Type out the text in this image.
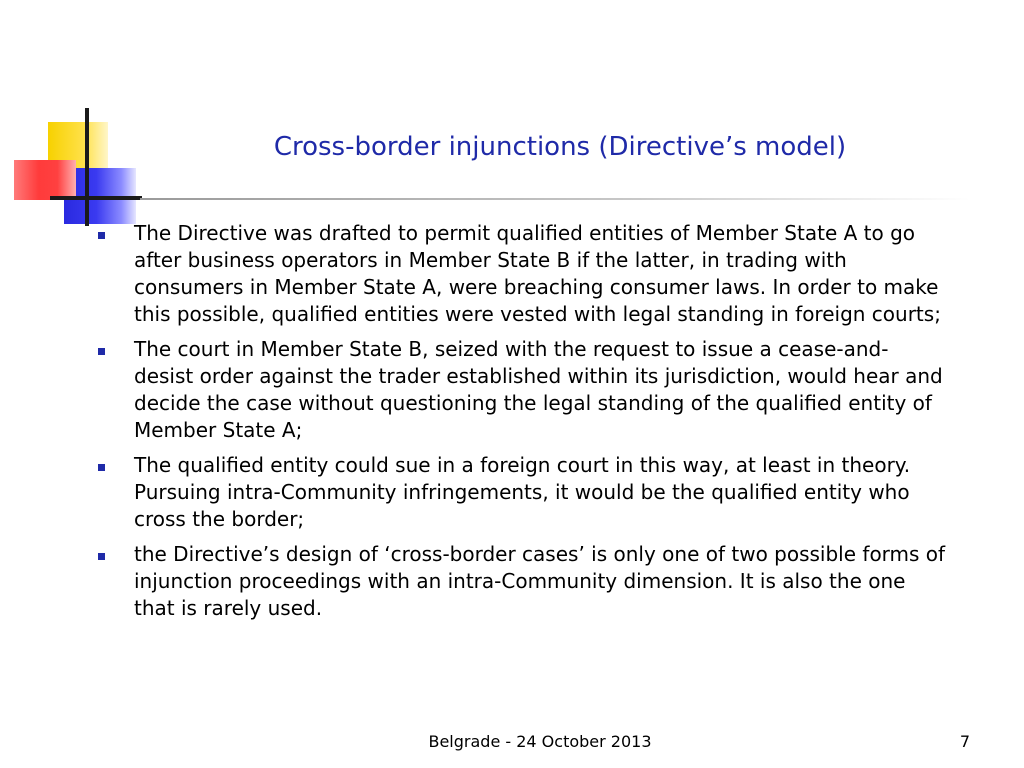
Cross-border injunctions (Directive’s model)
The Directive was drafted to permit qualified entities of Member State A to go after business operators in Member State B if the latter, in trading with consumers in Member State A, were breaching consumer laws. In order to make this possible, qualified entities were vested with legal standing in foreign courts;
The court in Member State B, seized with the request to issue a cease-and-desist order against the trader established within its jurisdiction, would hear and decide the case without questioning the legal standing of the qualified entity of Member State A;
The qualified entity could sue in a foreign court in this way, at least in theory. Pursuing intra-Community infringements, it would be the qualified entity who cross the border;
the Directive’s design of ‘cross-border cases’ is only one of two possible forms of injunction proceedings with an intra-Community dimension. It is also the one that is rarely used.
Belgrade - 24 October 2013	7
